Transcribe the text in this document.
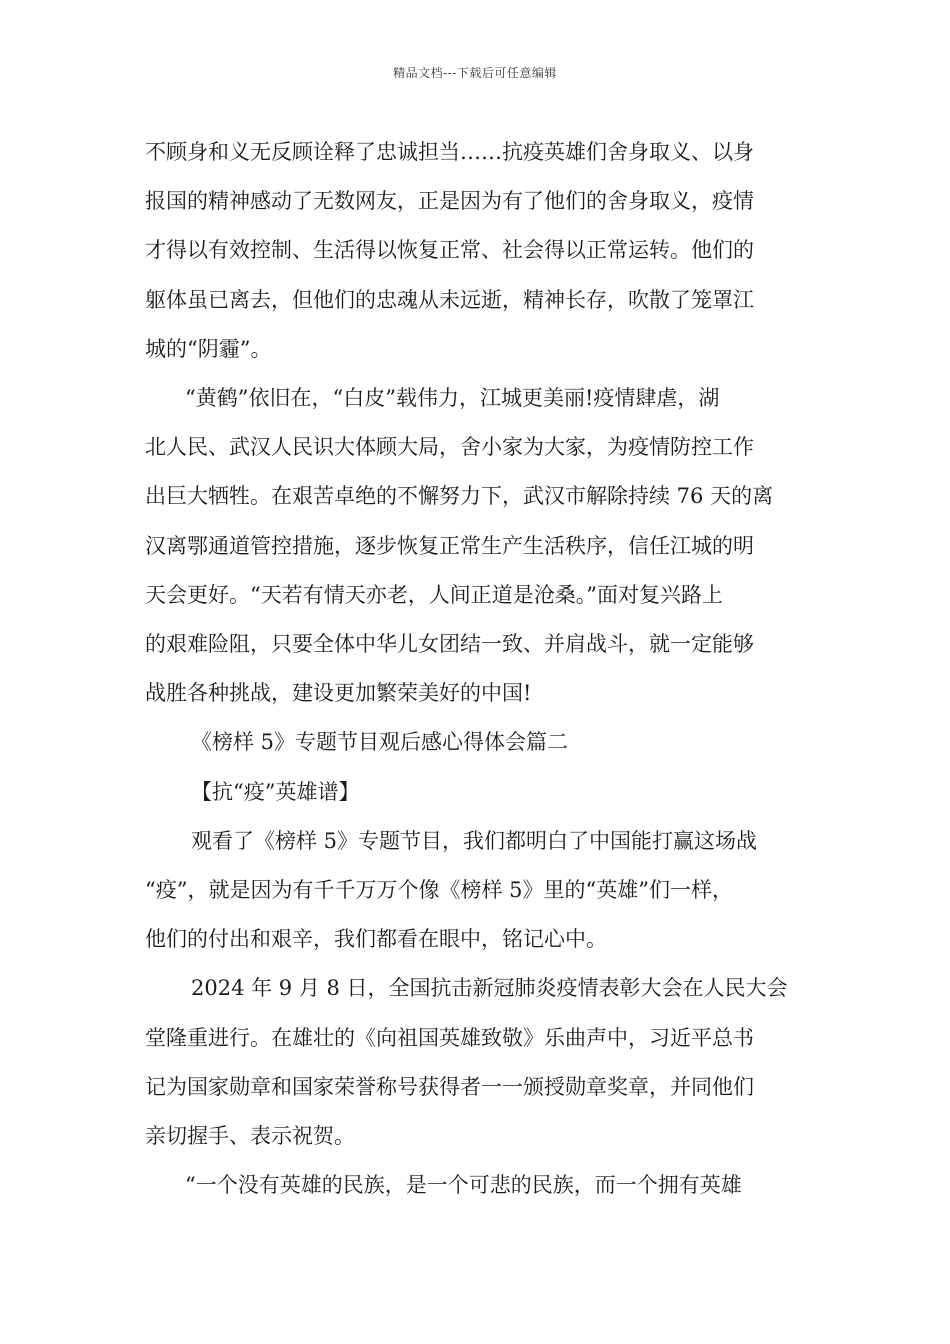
精品文档---下载后可任意编辑

不顾身和义无反顾诠释了忠诚担当……抗疫英雄们舍身取义、以身
报国的精神感动了无数网友，正是因为有了他们的舍身取义，疫情
才得以有效控制、生活得以恢复正常、社会得以正常运转。他们的
躯体虽已离去，但他们的忠魂从未远逝，精神长存，吹散了笼罩江
城的“阴霾”。

“黄鹤”依旧在，“白皮”载伟力，江城更美丽!疫情肆虐，湖
北人民、武汉人民识大体顾大局，舍小家为大家，为疫情防控工作
出巨大牺牲。在艰苦卓绝的不懈努力下，武汉市解除持续 76 天的离
汉离鄂通道管控措施，逐步恢复正常生产生活秩序，信任江城的明
天会更好。“天若有情天亦老，人间正道是沧桑。”面对复兴路上
的艰难险阻，只要全体中华儿女团结一致、并肩战斗，就一定能够
战胜各种挑战，建设更加繁荣美好的中国!

《榜样 5》专题节目观后感心得体会篇二

【抗“疫”英雄谱】

观看了《榜样 5》专题节目，我们都明白了中国能打赢这场战
“疫”，就是因为有千千万万个像《榜样 5》里的“英雄”们一样，
他们的付出和艰辛，我们都看在眼中，铭记心中。

2024 年 9 月 8 日，全国抗击新冠肺炎疫情表彰大会在人民大会
堂隆重进行。在雄壮的《向祖国英雄致敬》乐曲声中，习近平总书
记为国家勋章和国家荣誉称号获得者一一颁授勋章奖章，并同他们
亲切握手、表示祝贺。

“一个没有英雄的民族，是一个可悲的民族，而一个拥有英雄
